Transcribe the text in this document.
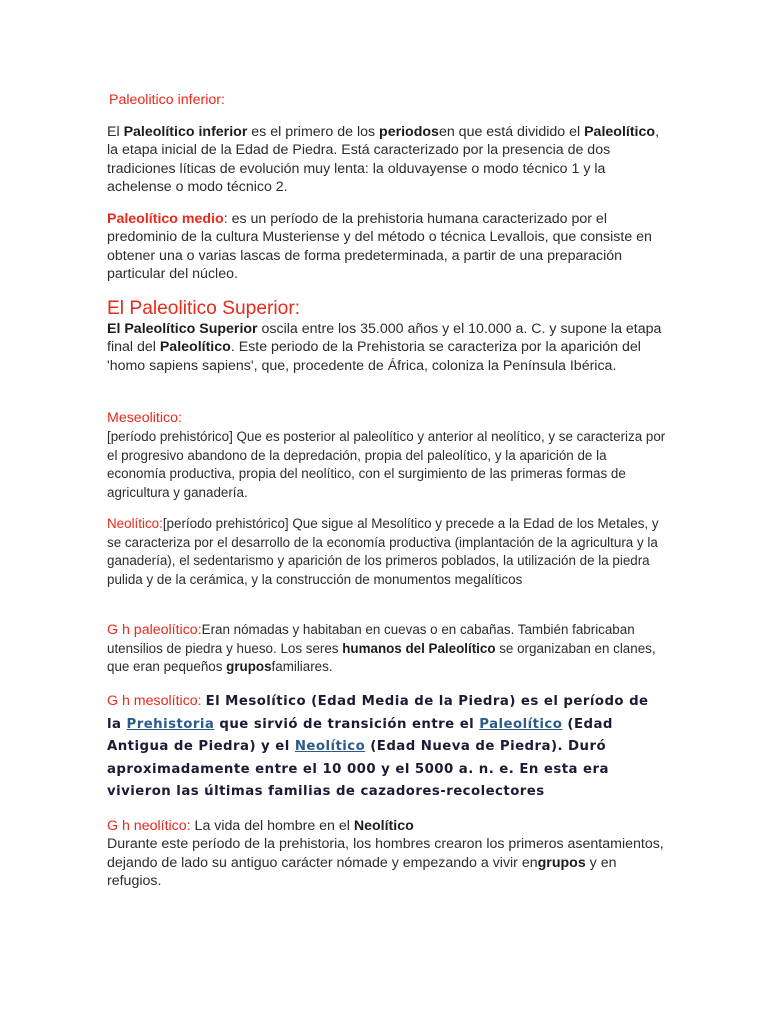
Paleolitico inferior:

El Paleolítico inferior es el primero de los periodosen que está dividido el Paleolítico, la etapa inicial de la Edad de Piedra. Está caracterizado por la presencia de dos tradiciones líticas de evolución muy lenta: la olduvayense o modo técnico 1 y la achelense o modo técnico 2.

Paleolítico medio: es un período de la prehistoria humana caracterizado por el predominio de la cultura Musteriense y del método o técnica Levallois, que consiste en obtener una o varias lascas de forma predeterminada, a partir de una preparación particular del núcleo.

El Paleolitico Superior:

El Paleolítico Superior oscila entre los 35.000 años y el 10.000 a. C. y supone la etapa final del Paleolítico. Este periodo de la Prehistoria se caracteriza por la aparición del 'homo sapiens sapiens', que, procedente de África, coloniza la Península Ibérica.

Meseolitico:

[período prehistórico] Que es posterior al paleolítico y anterior al neolítico, y se caracteriza por el progresivo abandono de la depredación, propia del paleolítico, y la aparición de la economía productiva, propia del neolítico, con el surgimiento de las primeras formas de agricultura y ganadería.

Neolítico:[período prehistórico] Que sigue al Mesolítico y precede a la Edad de los Metales, y se caracteriza por el desarrollo de la economía productiva (implantación de la agricultura y la ganadería), el sedentarismo y aparición de los primeros poblados, la utilización de la piedra pulida y de la cerámica, y la construcción de monumentos megalíticos

G h paleolítico:Eran nómadas y habitaban en cuevas o en cabañas. También fabricaban utensilios de piedra y hueso. Los seres humanos del Paleolítico se organizaban en clanes, que eran pequeños gruposfamiliares.

G h mesolítico: El Mesolítico (Edad Media de la Piedra) es el período de la Prehistoria que sirvió de transición entre el Paleolítico (Edad Antigua de Piedra) y el Neolítico (Edad Nueva de Piedra). Duró aproximadamente entre el 10 000 y el 5000 a. n. e. En esta era vivieron las últimas familias de cazadores-recolectores

G h neolítico: La vida del hombre en el Neolítico
Durante este período de la prehistoria, los hombres crearon los primeros asentamientos, dejando de lado su antiguo carácter nómade y empezando a vivir engrupos y en refugios.
